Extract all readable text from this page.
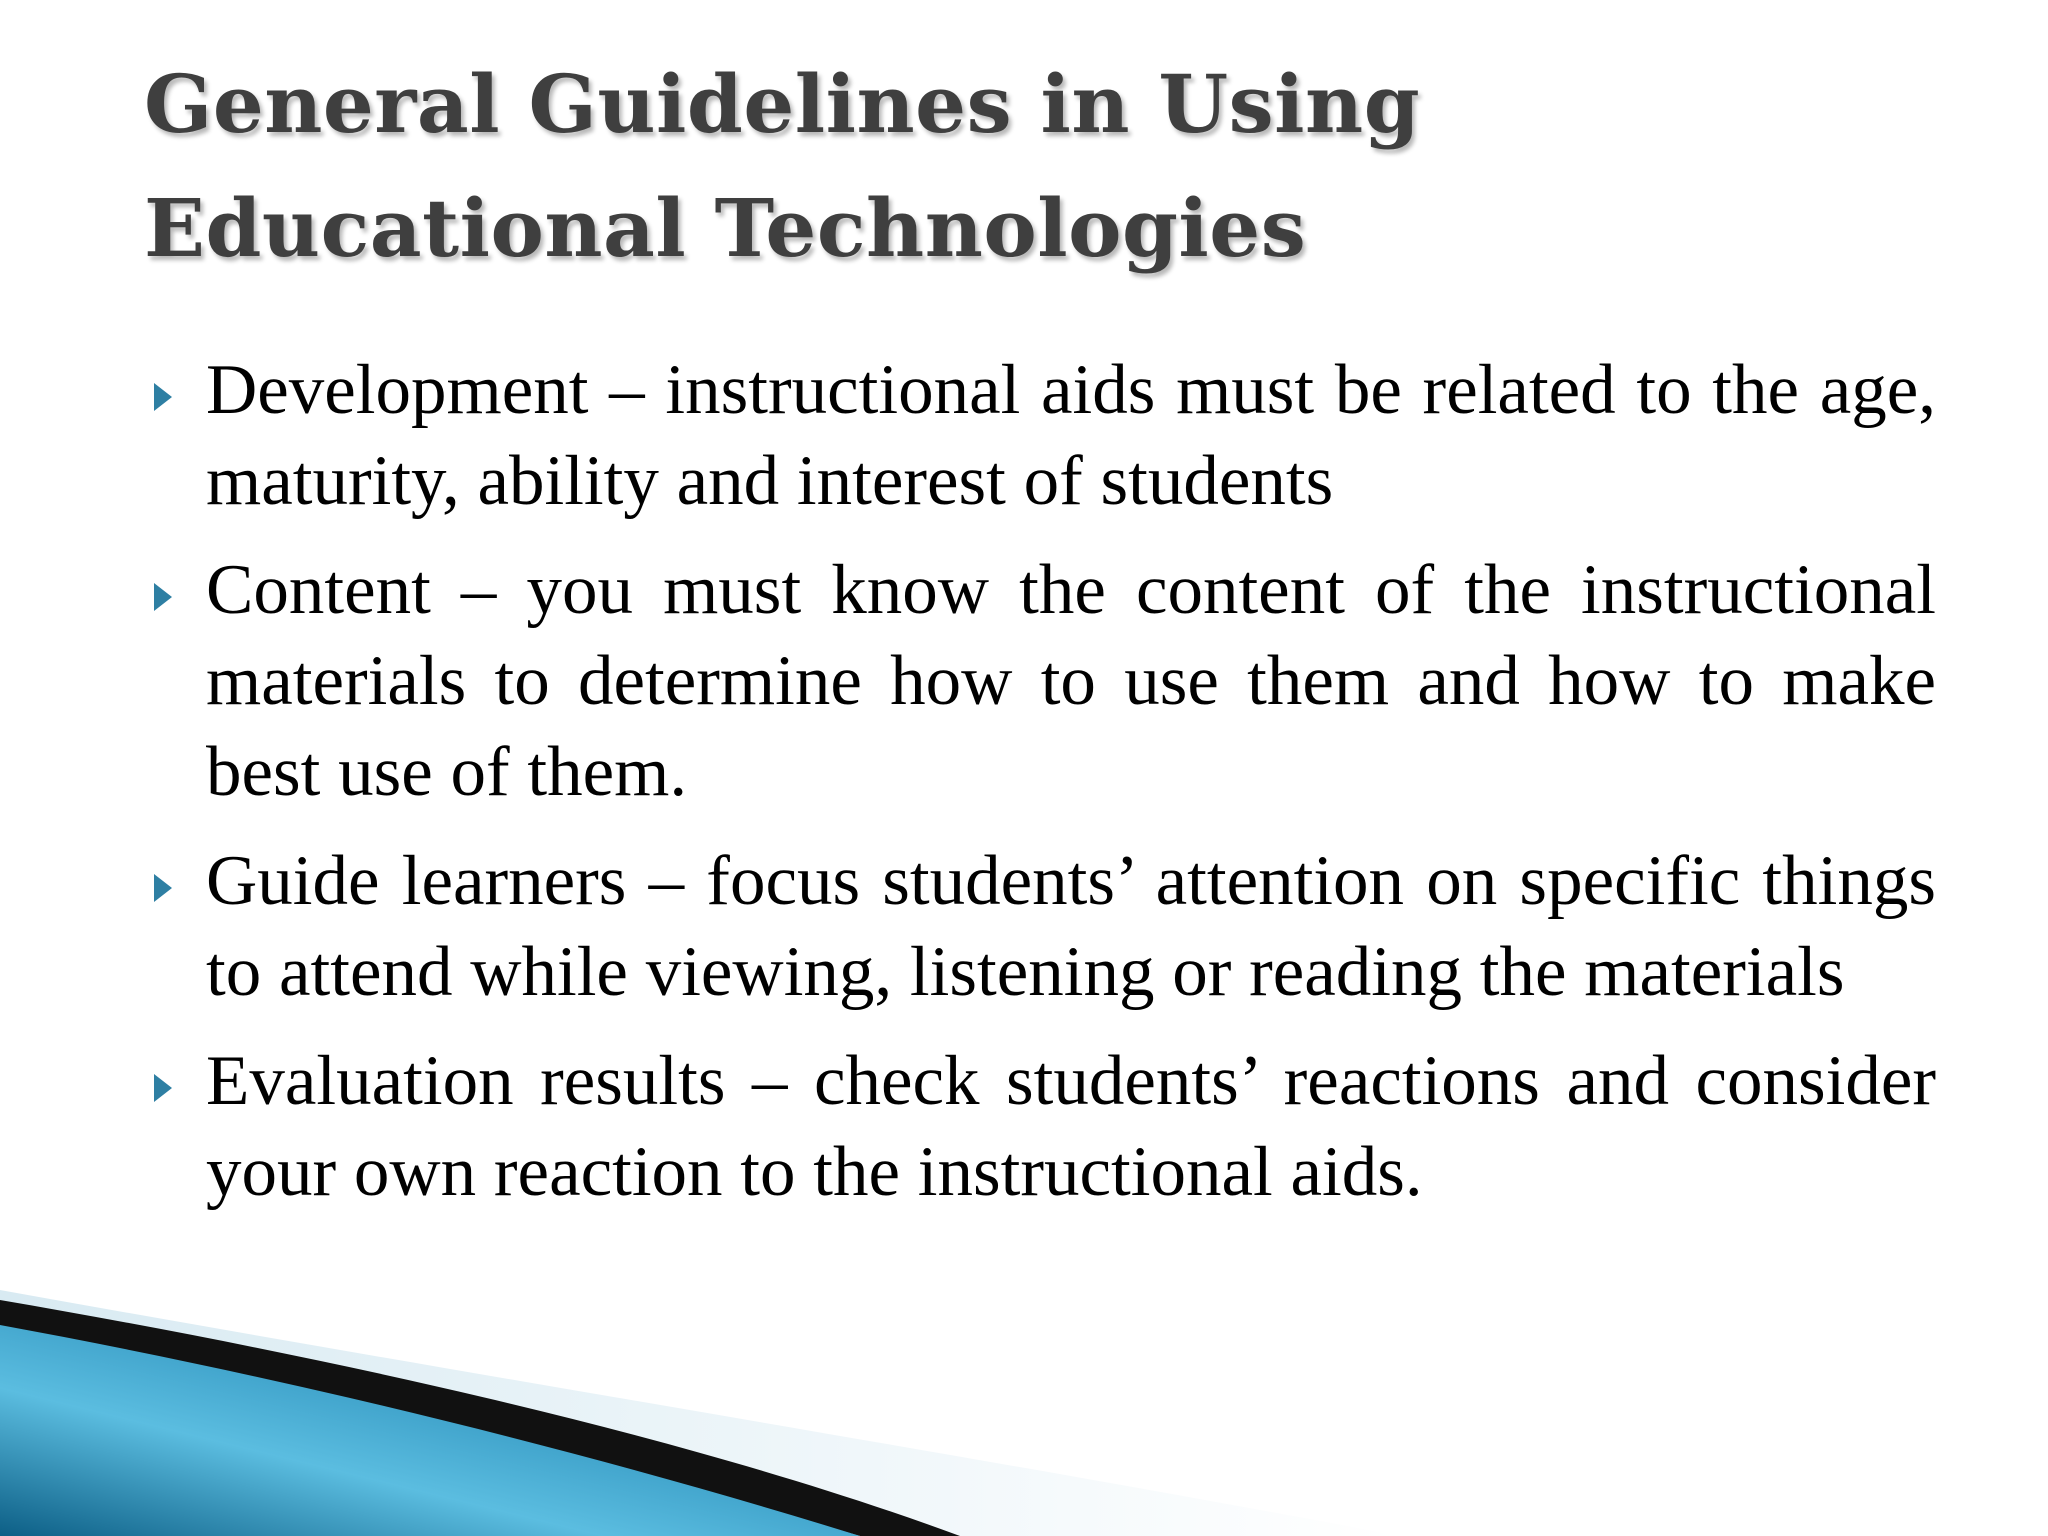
General Guidelines in Using Educational Technologies
Development – instructional aids must be related to the age, maturity, ability and interest of students
Content – you must know the content of the instructional materials to determine how to use them and how to make best use of them.
Guide learners – focus students’ attention on specific things to attend while viewing, listening or reading the materials
Evaluation results – check students’ reactions and consider your own reaction to the instructional aids.
